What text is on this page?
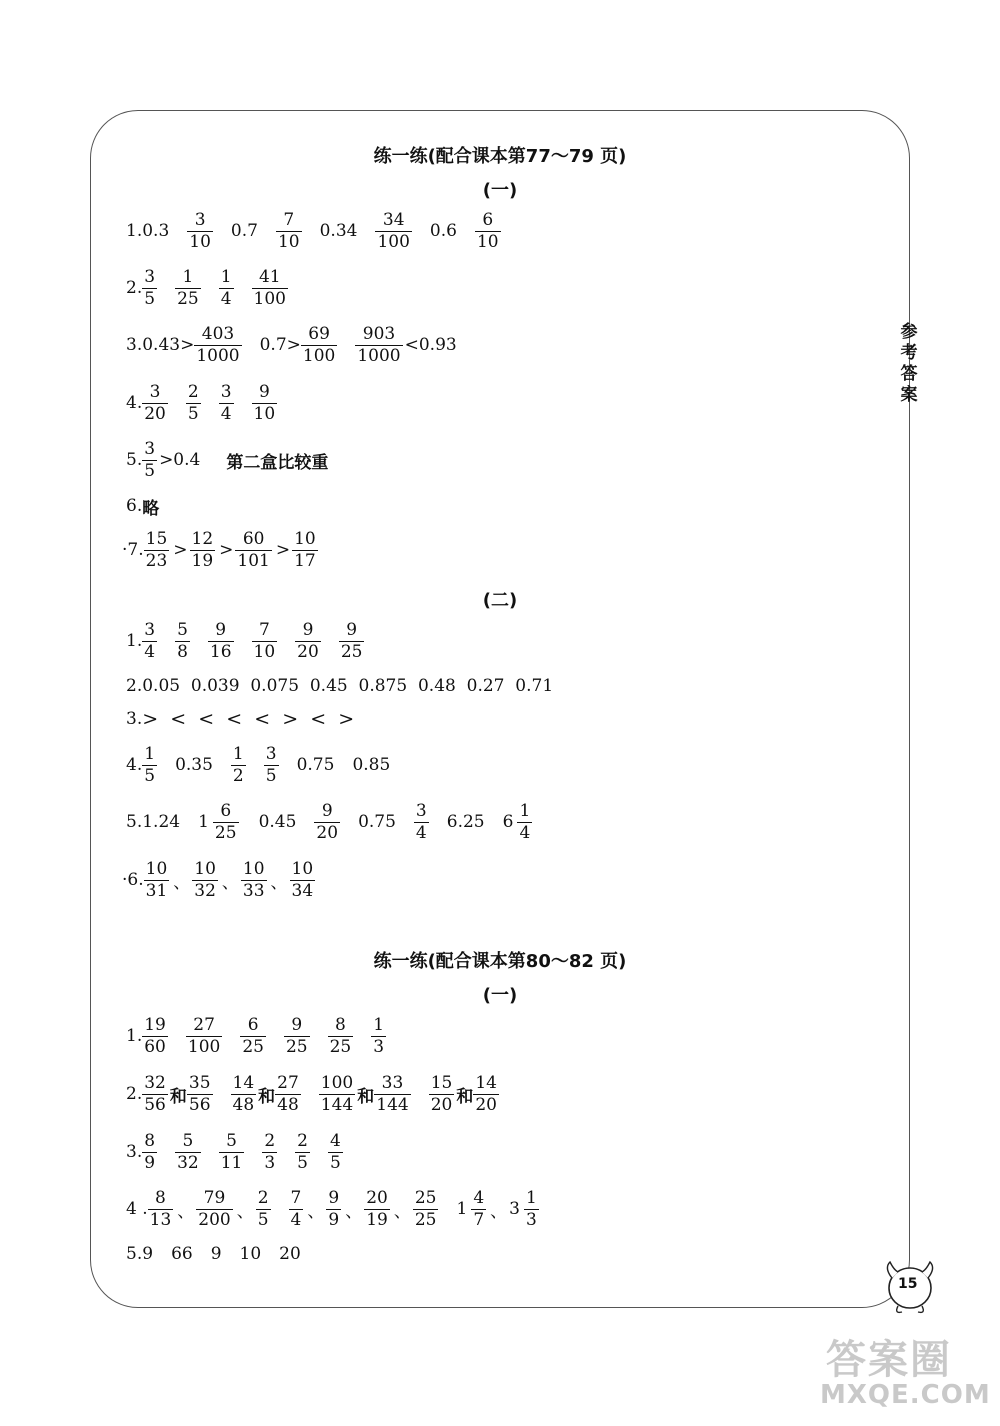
参考答案
练一练(配合课本第77～79 页)
(一)
1. $0.3 \frac{3}{10} 0.7 \frac{7}{10} 0.34 \frac{34}{100} 0.6 \frac{6}{10}$
2. $\frac{3}{5} \frac{1}{25} \frac{1}{4} \frac{41}{100}$
3. $0.43> \frac{403}{1000} 0.7> \frac{69}{100} \frac{903}{1000} <0.93$
4. $\frac{3}{20} \frac{2}{5} \frac{3}{4} \frac{9}{10}$
5. $\frac{3}{5} >0.4$ 第二盒比较重
6. 略
·7. $\frac{15}{23} > \frac{12}{19} > \frac{60}{101} > \frac{10}{17}$
(二)
1. $\frac{3}{4} \frac{5}{8} \frac{9}{16} \frac{7}{10} \frac{9}{20} \frac{9}{25}$
2. 0.05  0.039  0.075  0.45  0.875  0.48  0.27  0.71
3. >  <  <  <  <  >  <  >
4. $\frac{1}{5} 0.35 \frac{1}{2} \frac{3}{5} 0.75$ 0.85
5. 1.24 $1 \frac{6}{25} 0.45 \frac{9}{20} 0.75 \frac{3}{4} 6.25$ $6 \frac{1}{4}$
·6. $\frac{10}{31}$ 、 $\frac{10}{32}$ 、 $\frac{10}{33}$ 、 $\frac{10}{34}$
练一练(配合课本第80～82 页)
(一)
1. $\frac{19}{60} \frac{27}{100} \frac{6}{25} \frac{9}{25} \frac{8}{25} \frac{1}{3}$
2. $\frac{32}{56}$ 和 $\frac{35}{56} \frac{14}{48}$ 和 $\frac{27}{48} \frac{100}{144}$ 和 $\frac{33}{144} \frac{15}{20}$ 和 $\frac{14}{20}$
3. $\frac{8}{9} \frac{5}{32} \frac{5}{11} \frac{2}{3} \frac{2}{5} \frac{4}{5}$
4 . $\frac{8}{13}$ 、 $\frac{79}{200}$ 、 $\frac{2}{5} \frac{7}{4}$ 、 $\frac{9}{9}$ 、 $\frac{20}{19}$ 、 $\frac{25}{25} 1 \frac{4}{7}$ 、 $3 \frac{1}{3}$
5. 9 66 9 10 20
15
答案圈
MXQE.COM
